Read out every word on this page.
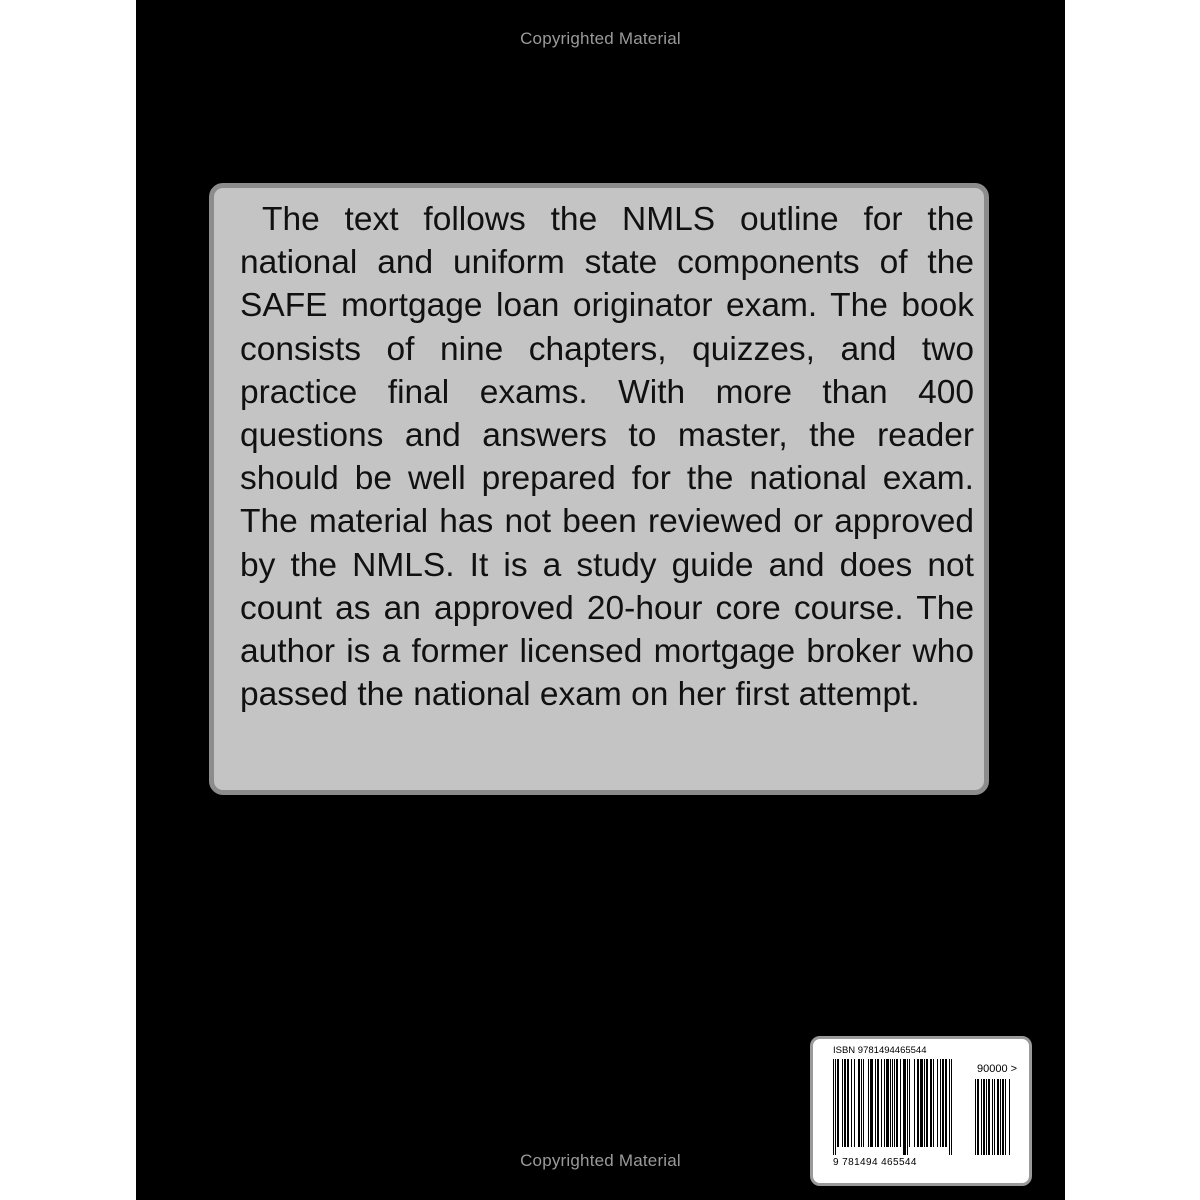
Copyrighted Material

The text follows the NMLS outline for the national and uniform state components of the SAFE mortgage loan originator exam. The book consists of nine chapters, quizzes, and two practice final exams. With more than 400 questions and answers to master, the reader should be well prepared for the national exam. The material has not been reviewed or approved by the NMLS. It is a study guide and does not count as an approved 20-hour core course. The author is a former licensed mortgage broker who passed the national exam on her first attempt.

ISBN 9781494465544
90000 >
9 781494 465544
Copyrighted Material
